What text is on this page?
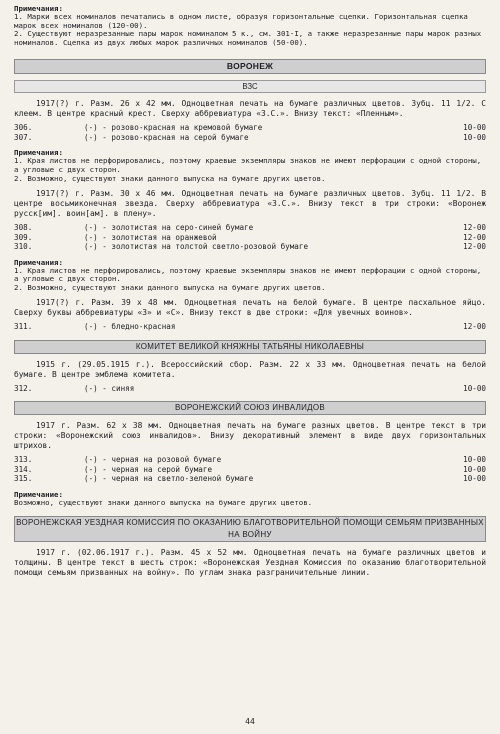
Примечания:
1. Марки всех номиналов печатались в одном листе, образуя горизонтальные сцепки. Горизонтальная сцепка марок всех номиналов (120-00).
2. Существуют неразрезанные пары марок номиналом 5 к., см. 301-I, а также неразрезанные пары марок разных номиналов. Сцепка из двух любых марок различных номиналов (50-00).
ВОРОНЕЖ
ВЗС
1917(?) г. Разм. 26 х 42 мм. Одноцветная печать на бумаге различных цветов. Зубц. 11 1/2. С клеем. В центре красный крест. Сверху аббревиатура «З.С.». Внизу текст: «Пленным».
306.	(-) - розово-красная на кремовой бумаге	10-00
307.	(-) - розово-красная на серой бумаге	10-00
Примечания:
1. Края листов не перфорировались, поэтому краевые экземпляры знаков не имеют перфорации с одной стороны, а угловые с двух сторон.
2. Возможно, существуют знаки данного выпуска на бумаге других цветов.
1917(?) г. Разм. 30 х 46 мм. Одноцветная печать на бумаге различных цветов. Зубц. 11 1/2. В центре восьмиконечная звезда. Сверху аббревиатура «З.С.». Внизу текст в три строки: «Воронеж русск[им]. воин[ам]. в плену».
308.	(-) - золотистая на серо-синей бумаге	12-00
309.	(-) - золотистая на оранжевой	12-00
310.	(-) - золотистая на толстой светло-розовой бумаге	12-00
Примечания:
1. Края листов не перфорировались, поэтому краевые экземпляры знаков не имеют перфорации с одной стороны, а угловые с двух сторон.
2. Возможно, существуют знаки данного выпуска на бумаге других цветов.
1917(?) г. Разм. 39 х 48 мм. Одноцветная печать на белой бумаге. В центре пасхальное яйцо. Сверху буквы аббревиатуры «З» и «С». Внизу текст в две строки: «Для увечных воинов».
311.	(-) - бледно-красная	12-00
КОМИТЕТ ВЕЛИКОЙ КНЯЖНЫ ТАТЬЯНЫ НИКОЛАЕВНЫ
1915 г. (29.05.1915 г.). Всероссийский сбор. Разм. 22 х 33 мм. Одноцветная печать на белой бумаге. В центре эмблема комитета.
312.	(-) - синяя	10-00
ВОРОНЕЖСКИЙ СОЮЗ ИНВАЛИДОВ
1917 г. Разм. 62 х 38 мм. Одноцветная печать на бумаге разных цветов. В центре текст в три строки: «Воронежский союз инвалидов». Внизу декоративный элемент в виде двух горизонтальных штрихов.
313.	(-) - черная на розовой бумаге	10-00
314.	(-) - черная на серой бумаге	10-00
315.	(-) - черная на светло-зеленой бумаге	10-00
Примечание:
Возможно, существуют знаки данного выпуска на бумаге других цветов.
ВОРОНЕЖСКАЯ УЕЗДНАЯ КОМИССИЯ ПО ОКАЗАНИЮ БЛАГОТВОРИТЕЛЬНОЙ ПОМОЩИ СЕМЬЯМ ПРИЗВАННЫХ НА ВОЙНУ
1917 г. (02.06.1917 г.). Разм. 45 х 52 мм. Одноцветная печать на бумаге различных цветов и толщины. В центре текст в шесть строк: «Воронежская Уездная Комиссия по оказанию благотворительной помощи семьям призванных на войну». По углам знака разграничительные линии.
44
